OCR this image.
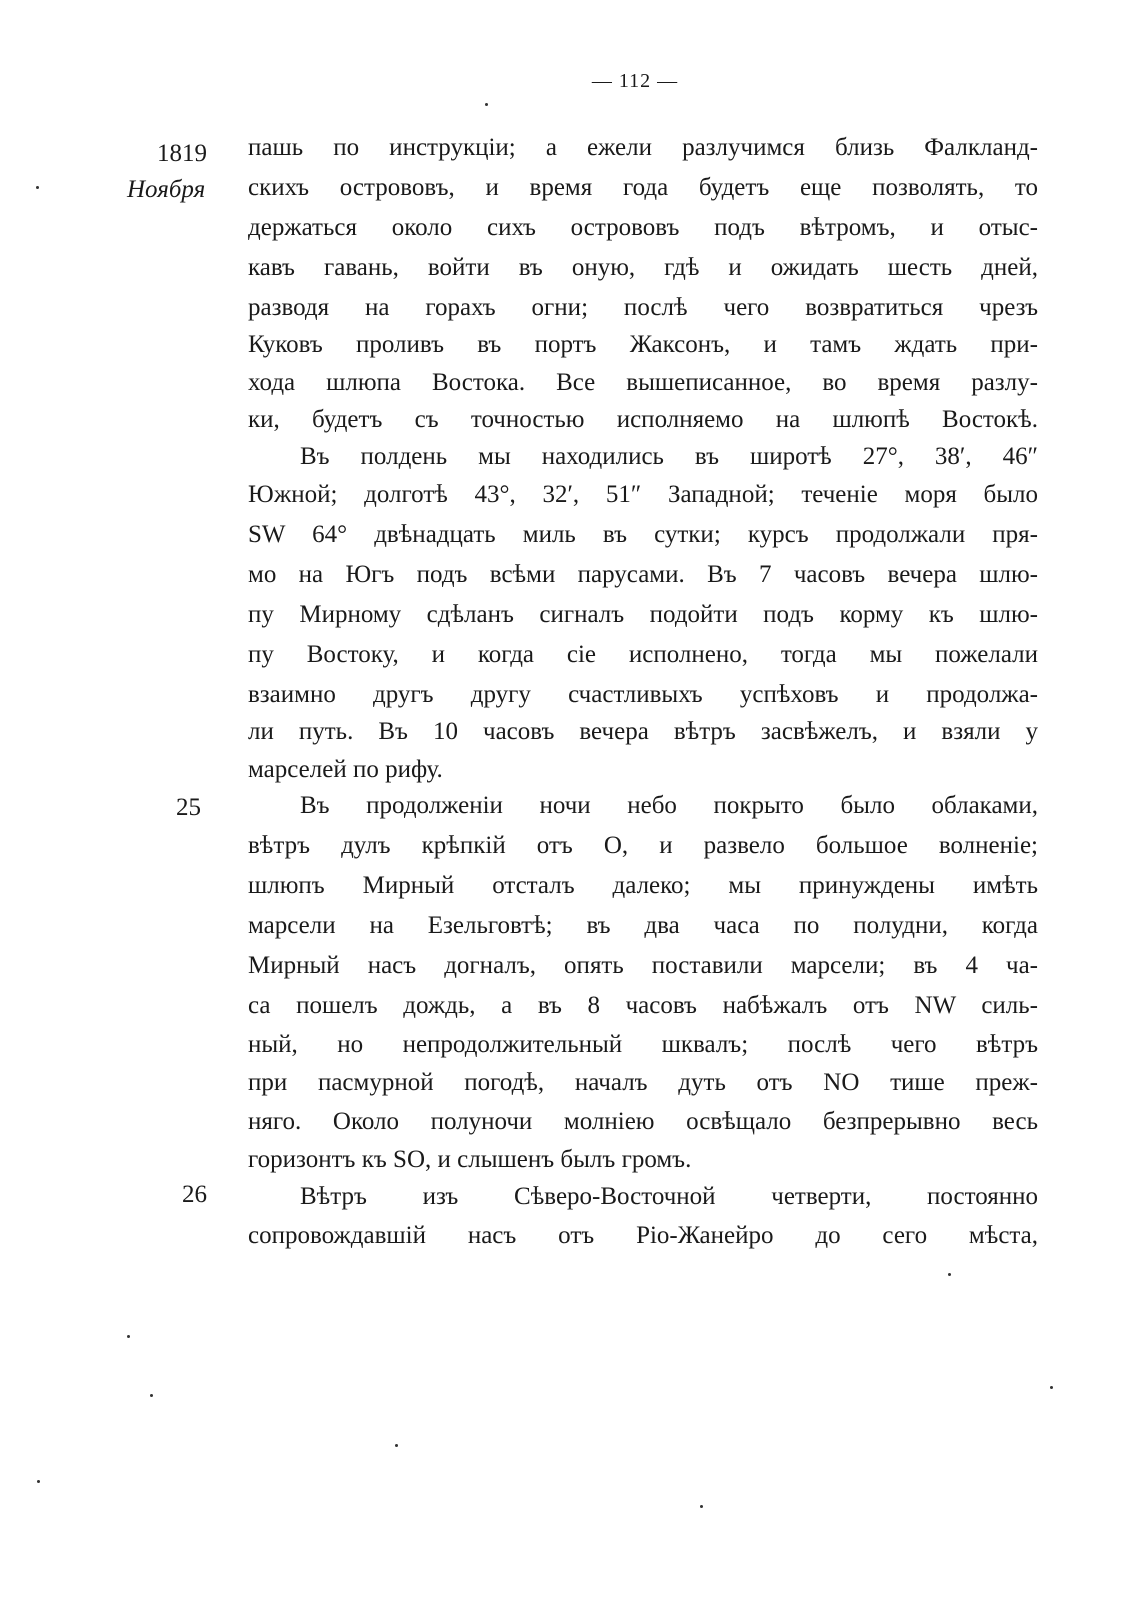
— 112 —
1819
Ноября
25
26
пашь по инструкціи; а ежели разлучимся близь Фалкланд-
скихъ острововъ, и время года будетъ еще позволять, то
держаться около сихъ острововъ подъ вѣтромъ, и отыс-
кавъ гавань, войти въ оную, гдѣ и ожидать шесть дней,
разводя на горахъ огни; послѣ чего возвратиться чрезъ
Куковъ проливъ въ портъ Жаксонъ, и тамъ ждать при-
хода шлюпа Востока. Все вышеписанное, во время разлу-
ки, будетъ съ точностью исполняемо на шлюпѣ Востокѣ.
Въ полдень мы находились въ широтѣ 27°, 38′, 46″
Южной; долготѣ 43°, 32′, 51″ Западной; теченіе моря было
SW 64° двѣнадцать миль въ сутки; курсъ продолжали пря-
мо на Югъ подъ всѣми парусами. Въ 7 часовъ вечера шлю-
пу Мирному сдѣланъ сигналъ подойти подъ корму къ шлю-
пу Востоку, и когда сіе исполнено, тогда мы пожелали
взаимно другъ другу счастливыхъ успѣховъ и продолжа-
ли путь. Въ 10 часовъ вечера вѣтръ засвѣжелъ, и взяли у
марселей по рифу.
Въ продолженіи ночи небо покрыто было облаками,
вѣтръ дулъ крѣпкій отъ О, и развело большое волненіе;
шлюпъ Мирный отсталъ далеко; мы принуждены имѣть
марсели на Езельговтѣ; въ два часа по полудни, когда
Мирный насъ догналъ, опять поставили марсели; въ 4 ча-
са пошелъ дождь, а въ 8 часовъ набѣжалъ отъ NW силь-
ный, но непродолжительный шквалъ; послѣ чего вѣтръ
при пасмурной погодѣ, началъ дуть отъ NO тише преж-
няго. Около полуночи молніею освѣщало безпрерывно весь
горизонтъ къ SO, и слышенъ былъ громъ.
Вѣтръ изъ Сѣверо-Восточной четверти, постоянно
сопровождавшій насъ отъ Ріо-Жанейро до сего мѣста,
